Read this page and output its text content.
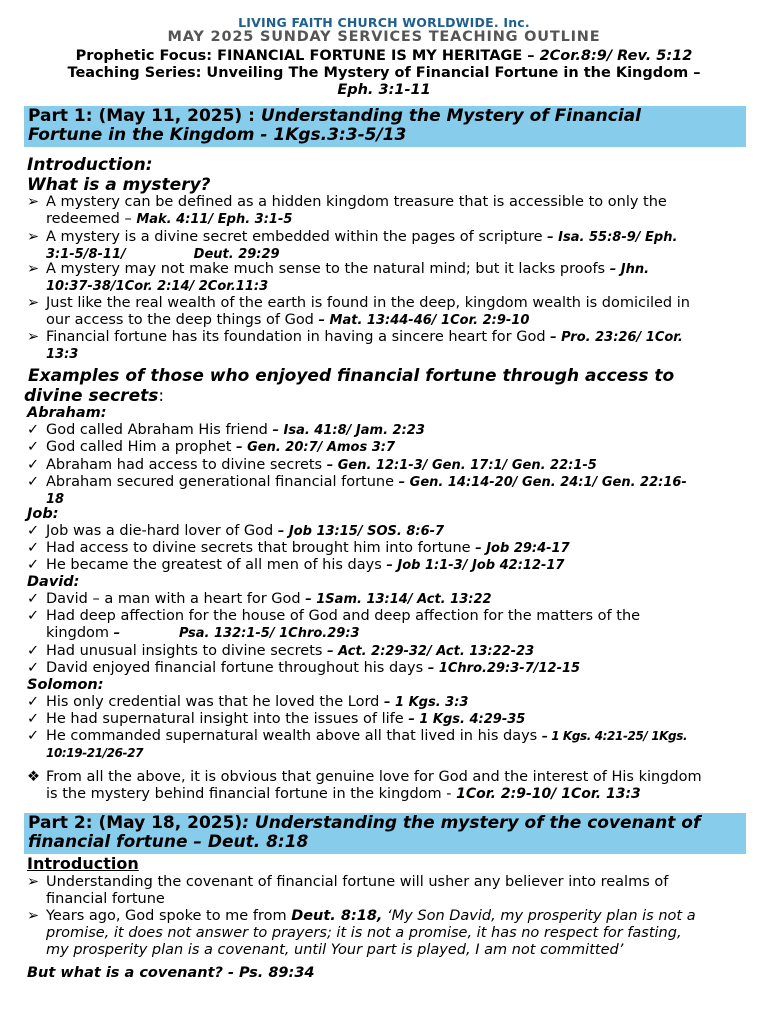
LIVING FAITH CHURCH WORLDWIDE. Inc.
MAY 2025 SUNDAY SERVICES TEACHING OUTLINE
Prophetic Focus: FINANCIAL FORTUNE IS MY HERITAGE – 2Cor.8:9/ Rev. 5:12
Teaching Series: Unveiling The Mystery of Financial Fortune in the Kingdom –
Eph. 3:1-11
Part 1: (May 11, 2025) : Understanding the Mystery of Financial
Fortune in the Kingdom - 1Kgs.3:3-5/13
Introduction:
What is a mystery?
➢ A mystery can be defined as a hidden kingdom treasure that is accessible to only the
redeemed – Mak. 4:11/ Eph. 3:1-5
➢ A mystery is a divine secret embedded within the pages of scripture – Isa. 55:8-9/ Eph.
3:1-5/8-11/               Deut. 29:29
➢ A mystery may not make much sense to the natural mind; but it lacks proofs – Jhn.
10:37-38/1Cor. 2:14/ 2Cor.11:3
➢ Just like the real wealth of the earth is found in the deep, kingdom wealth is domiciled in
our access to the deep things of God – Mat. 13:44-46/ 1Cor. 2:9-10
➢ Financial fortune has its foundation in having a sincere heart for God – Pro. 23:26/ 1Cor.
13:3
Examples of those who enjoyed financial fortune through access to
divine secrets:
Abraham:
✓ God called Abraham His friend – Isa. 41:8/ Jam. 2:23
✓ God called Him a prophet – Gen. 20:7/ Amos 3:7
✓ Abraham had access to divine secrets – Gen. 12:1-3/ Gen. 17:1/ Gen. 22:1-5
✓ Abraham secured generational financial fortune – Gen. 14:14-20/ Gen. 24:1/ Gen. 22:16-
18
Job:
✓ Job was a die-hard lover of God – Job 13:15/ SOS. 8:6-7
✓ Had access to divine secrets that brought him into fortune – Job 29:4-17
✓ He became the greatest of all men of his days – Job 1:1-3/ Job 42:12-17
David:
✓ David – a man with a heart for God – 1Sam. 13:14/ Act. 13:22
✓ Had deep affection for the house of God and deep affection for the matters of the
kingdom –             Psa. 132:1-5/ 1Chro.29:3
✓ Had unusual insights to divine secrets – Act. 2:29-32/ Act. 13:22-23
✓ David enjoyed financial fortune throughout his days – 1Chro.29:3-7/12-15
Solomon:
✓ His only credential was that he loved the Lord – 1 Kgs. 3:3
✓ He had supernatural insight into the issues of life – 1 Kgs. 4:29-35
✓ He commanded supernatural wealth above all that lived in his days – 1 Kgs. 4:21-25/ 1Kgs.
10:19-21/26-27
❖ From all the above, it is obvious that genuine love for God and the interest of His kingdom
is the mystery behind financial fortune in the kingdom - 1Cor. 2:9-10/ 1Cor. 13:3
Part 2: (May 18, 2025): Understanding the mystery of the covenant of
financial fortune – Deut. 8:18
Introduction
➢ Understanding the covenant of financial fortune will usher any believer into realms of
financial fortune
➢ Years ago, God spoke to me from Deut. 8:18, ‘My Son David, my prosperity plan is not a
promise, it does not answer to prayers; it is not a promise, it has no respect for fasting,
my prosperity plan is a covenant, until Your part is played, I am not committed’
But what is a covenant? - Ps. 89:34
